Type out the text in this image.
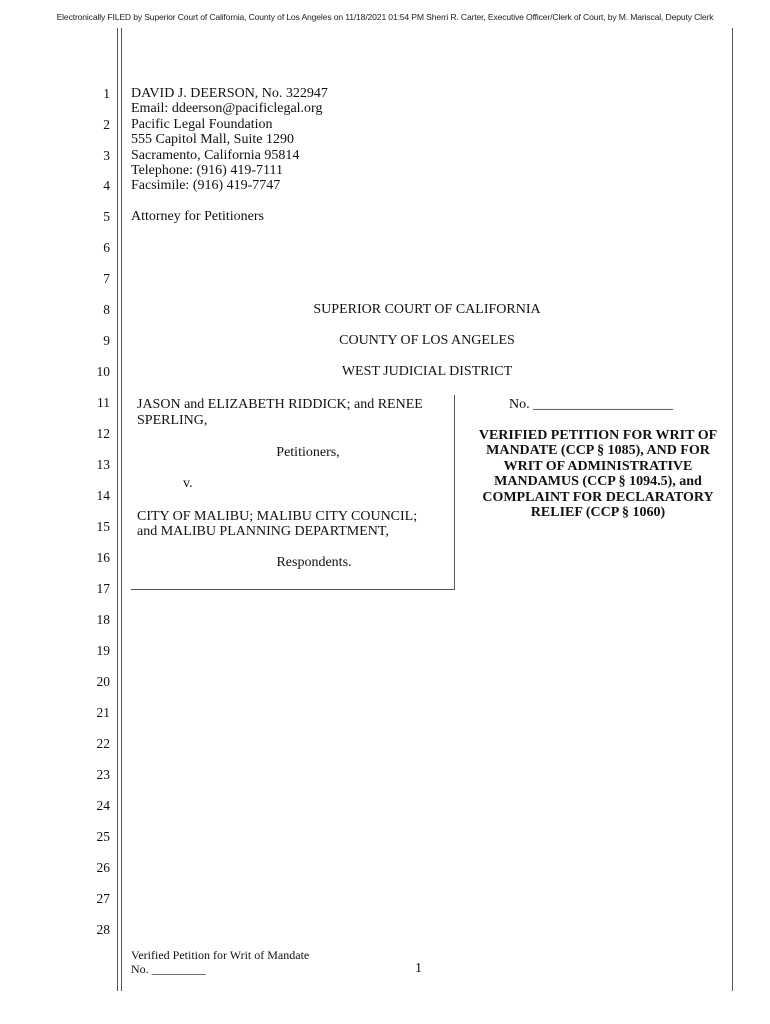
Electronically FILED by Superior Court of California, County of Los Angeles on 11/18/2021 01:54 PM Sherri R. Carter, Executive Officer/Clerk of Court, by M. Mariscal, Deputy Clerk
1
2
3
4
5
6
7
8
9
10
11
12
13
14
15
16
17
18
19
20
21
22
23
24
25
26
27
28
DAVID J. DEERSON, No. 322947
Email: ddeerson@pacificlegal.org
Pacific Legal Foundation
555 Capitol Mall, Suite 1290
Sacramento, California 95814
Telephone: (916) 419-7111
Facsimile: (916) 419-7747
Attorney for Petitioners
SUPERIOR COURT OF CALIFORNIA
COUNTY OF LOS ANGELES
WEST JUDICIAL DISTRICT
JASON and ELIZABETH RIDDICK; and RENEE
SPERLING,
Petitioners,
v.
CITY OF MALIBU; MALIBU CITY COUNCIL;
and MALIBU PLANNING DEPARTMENT,
Respondents.
No. ____________________
VERIFIED PETITION FOR WRIT OF
MANDATE (CCP § 1085), AND FOR
WRIT OF ADMINISTRATIVE
MANDAMUS (CCP § 1094.5), and
COMPLAINT FOR DECLARATORY
RELIEF (CCP § 1060)
Verified Petition for Writ of Mandate
No. _________	1
